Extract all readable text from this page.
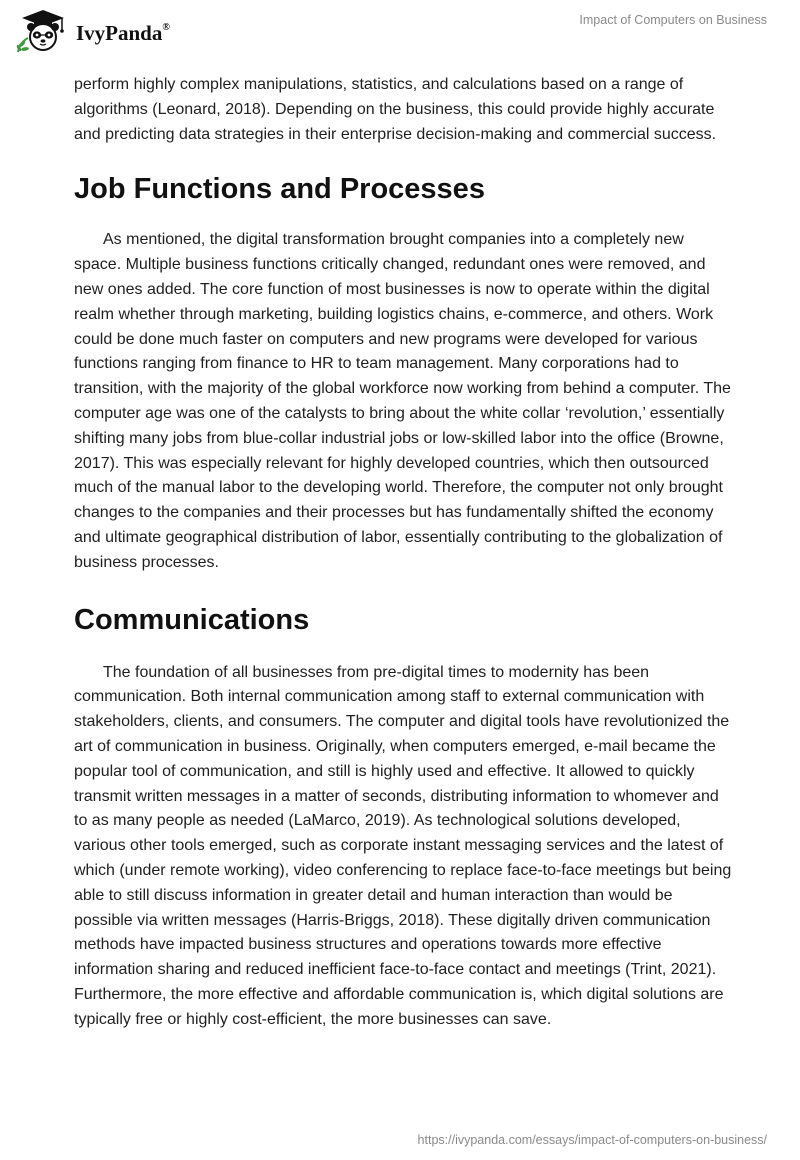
IvyPanda®	Impact of Computers on Business

perform highly complex manipulations, statistics, and calculations based on a range of algorithms (Leonard, 2018). Depending on the business, this could provide highly accurate and predicting data strategies in their enterprise decision-making and commercial success.

Job Functions and Processes

As mentioned, the digital transformation brought companies into a completely new space. Multiple business functions critically changed, redundant ones were removed, and new ones added. The core function of most businesses is now to operate within the digital realm whether through marketing, building logistics chains, e-commerce, and others. Work could be done much faster on computers and new programs were developed for various functions ranging from finance to HR to team management. Many corporations had to transition, with the majority of the global workforce now working from behind a computer. The computer age was one of the catalysts to bring about the white collar ‘revolution,’ essentially shifting many jobs from blue-collar industrial jobs or low-skilled labor into the office (Browne, 2017). This was especially relevant for highly developed countries, which then outsourced much of the manual labor to the developing world. Therefore, the computer not only brought changes to the companies and their processes but has fundamentally shifted the economy and ultimate geographical distribution of labor, essentially contributing to the globalization of business processes.

Communications

The foundation of all businesses from pre-digital times to modernity has been communication. Both internal communication among staff to external communication with stakeholders, clients, and consumers. The computer and digital tools have revolutionized the art of communication in business. Originally, when computers emerged, e-mail became the popular tool of communication, and still is highly used and effective. It allowed to quickly transmit written messages in a matter of seconds, distributing information to whomever and to as many people as needed (LaMarco, 2019). As technological solutions developed, various other tools emerged, such as corporate instant messaging services and the latest of which (under remote working), video conferencing to replace face-to-face meetings but being able to still discuss information in greater detail and human interaction than would be possible via written messages (Harris-Briggs, 2018). These digitally driven communication methods have impacted business structures and operations towards more effective information sharing and reduced inefficient face-to-face contact and meetings (Trint, 2021). Furthermore, the more effective and affordable communication is, which digital solutions are typically free or highly cost-efficient, the more businesses can save.

https://ivypanda.com/essays/impact-of-computers-on-business/
